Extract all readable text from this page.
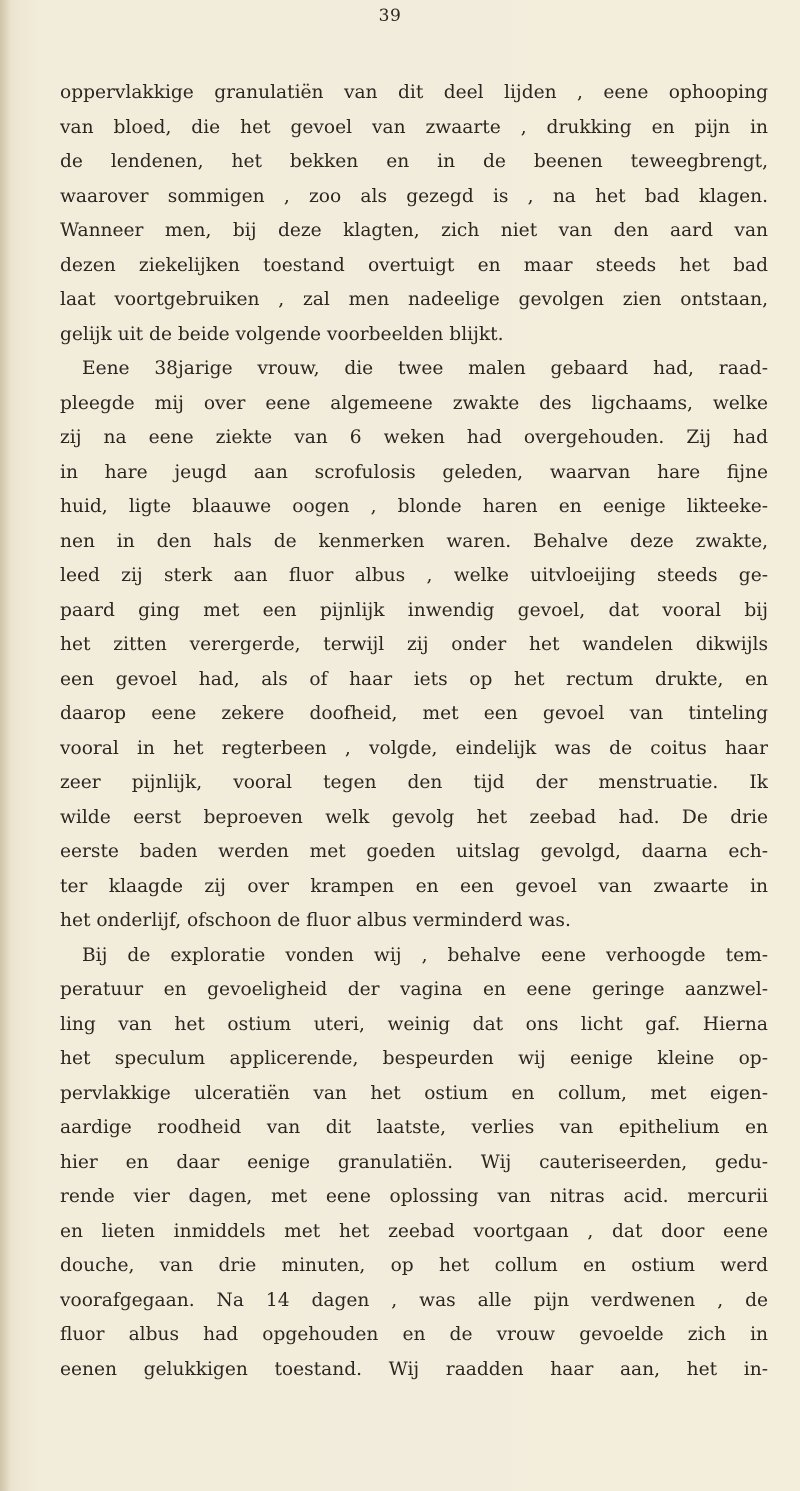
39
oppervlakkige granulatiën van dit deel lijden , eene ophooping
van bloed, die het gevoel van zwaarte , drukking en pijn in
de lendenen, het bekken en in de beenen teweegbrengt,
waarover sommigen , zoo als gezegd is , na het bad klagen.
Wanneer men, bij deze klagten, zich niet van den aard van
dezen ziekelijken toestand overtuigt en maar steeds het bad
laat voortgebruiken , zal men nadeelige gevolgen zien ontstaan,
gelijk uit de beide volgende voorbeelden blijkt.
Eene 38jarige vrouw, die twee malen gebaard had, raad-
pleegde mij over eene algemeene zwakte des ligchaams, welke
zij na eene ziekte van 6 weken had overgehouden. Zij had
in hare jeugd aan scrofulosis geleden, waarvan hare fijne
huid, ligte blaauwe oogen , blonde haren en eenige likteeke-
nen in den hals de kenmerken waren. Behalve deze zwakte,
leed zij sterk aan fluor albus , welke uitvloeijing steeds ge-
paard ging met een pijnlijk inwendig gevoel, dat vooral bij
het zitten verergerde, terwijl zij onder het wandelen dikwijls
een gevoel had, als of haar iets op het rectum drukte, en
daarop eene zekere doofheid, met een gevoel van tinteling
vooral in het regterbeen , volgde, eindelijk was de coitus haar
zeer pijnlijk, vooral tegen den tijd der menstruatie. Ik
wilde eerst beproeven welk gevolg het zeebad had. De drie
eerste baden werden met goeden uitslag gevolgd, daarna ech-
ter klaagde zij over krampen en een gevoel van zwaarte in
het onderlijf, ofschoon de fluor albus verminderd was.
Bij de exploratie vonden wij , behalve eene verhoogde tem-
peratuur en gevoeligheid der vagina en eene geringe aanzwel-
ling van het ostium uteri, weinig dat ons licht gaf. Hierna
het speculum applicerende, bespeurden wij eenige kleine op-
pervlakkige ulceratiën van het ostium en collum, met eigen-
aardige roodheid van dit laatste, verlies van epithelium en
hier en daar eenige granulatiën. Wij cauteriseerden, gedu-
rende vier dagen, met eene oplossing van nitras acid. mercurii
en lieten inmiddels met het zeebad voortgaan , dat door eene
douche, van drie minuten, op het collum en ostium werd
voorafgegaan. Na 14 dagen , was alle pijn verdwenen , de
fluor albus had opgehouden en de vrouw gevoelde zich in
eenen gelukkigen toestand. Wij raadden haar aan, het in-
